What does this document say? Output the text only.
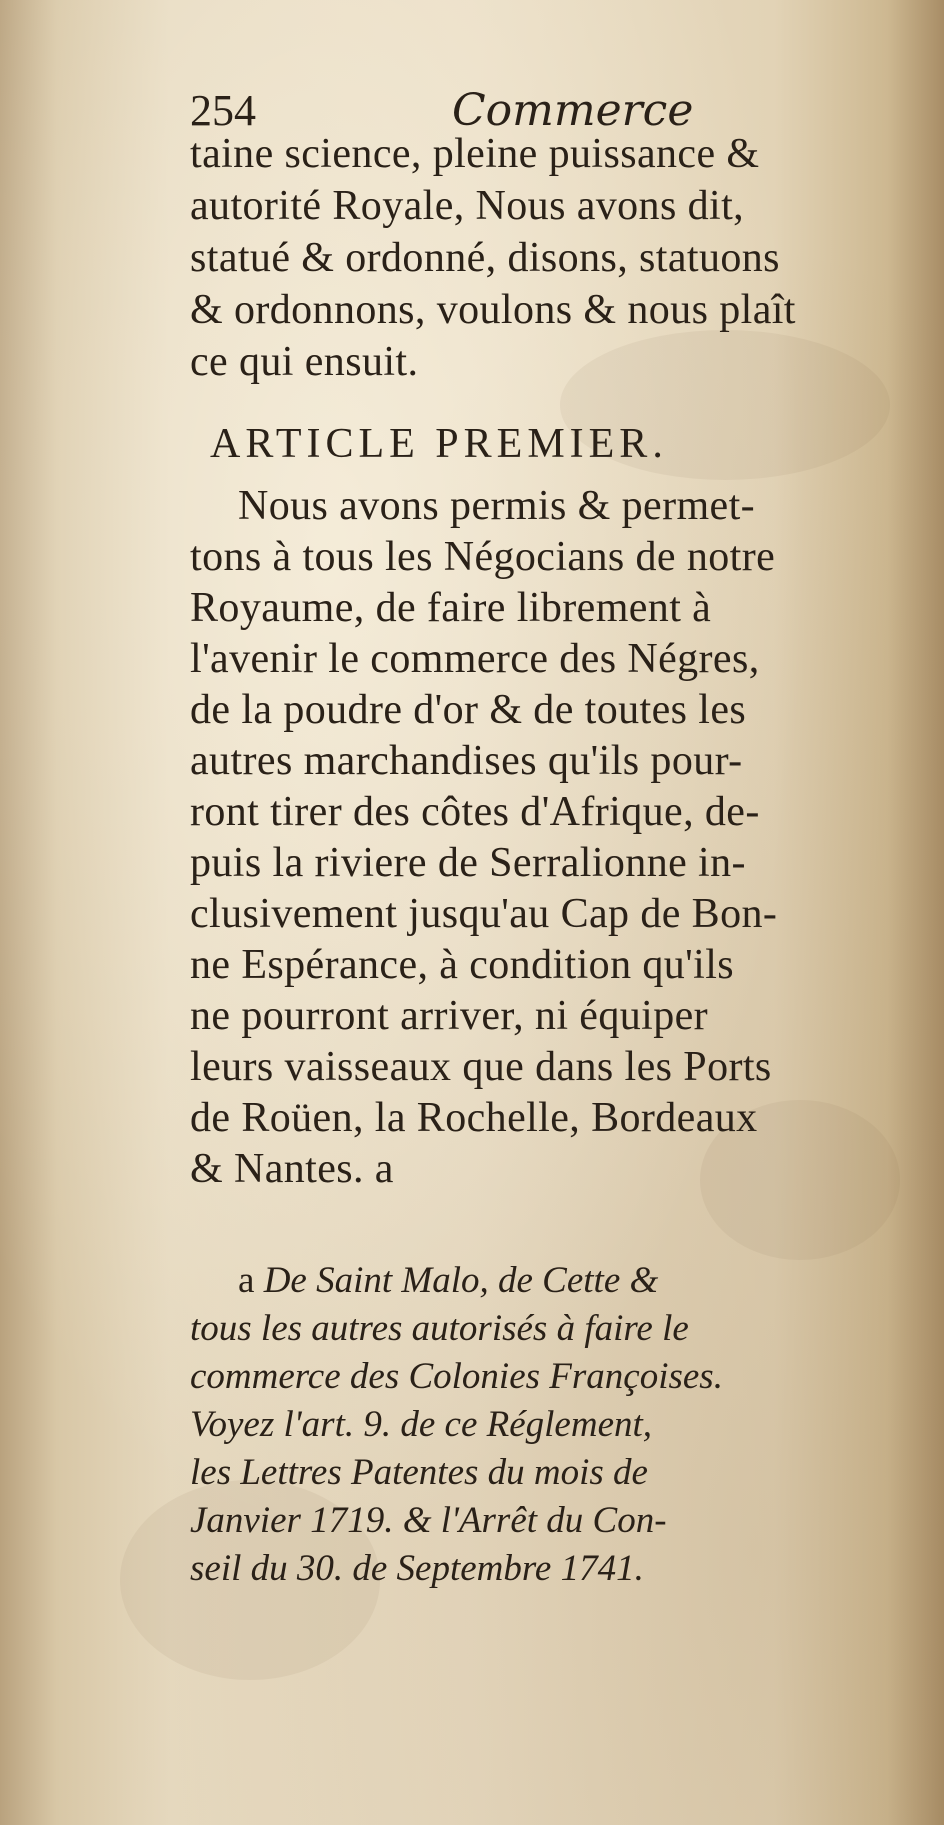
254	Commerce
taine science, pleine puissance &
autorité Royale, Nous avons dit,
statué & ordonné, disons, statuons
& ordonnons, voulons & nous plaît
ce qui ensuit.
ARTICLE PREMIER.
Nous avons permis & permet-
tons à tous les Négocians de notre
Royaume, de faire librement à
l'avenir le commerce des Négres,
de la poudre d'or & de toutes les
autres marchandises qu'ils pour-
ront tirer des côtes d'Afrique, de-
puis la riviere de Serralionne in-
clusivement jusqu'au Cap de Bon-
ne Espérance, à condition qu'ils
ne pourront arriver, ni équiper
leurs vaisseaux que dans les Ports
de Roüen, la Rochelle, Bordeaux
& Nantes. a
a De Saint Malo, de Cette &
tous les autres autorisés à faire le
commerce des Colonies Françoises.
Voyez l'art. 9. de ce Réglement,
les Lettres Patentes du mois de
Janvier 1719. & l'Arrêt du Con-
seil du 30. de Septembre 1741.
